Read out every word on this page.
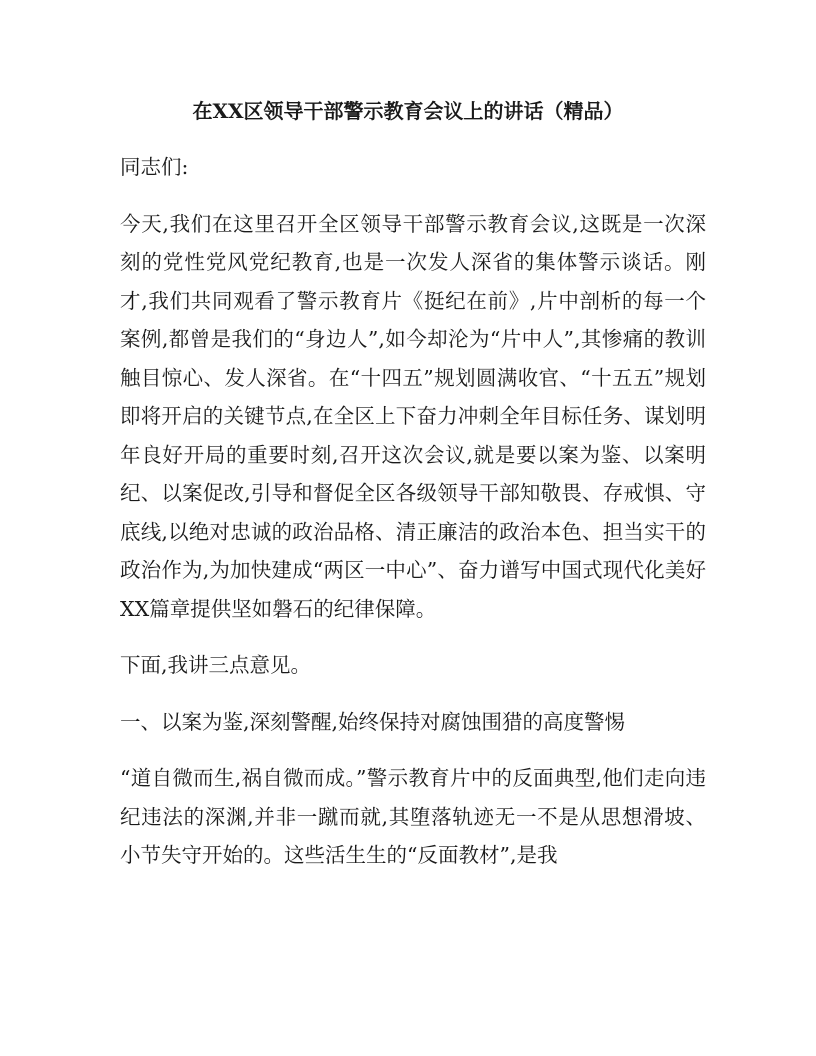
在XX区领导干部警示教育会议上的讲话（精品）

同志们:

今天,我们在这里召开全区领导干部警示教育会议,这既是一次深刻的党性党风党纪教育,也是一次发人深省的集体警示谈话。刚才,我们共同观看了警示教育片《挺纪在前》,片中剖析的每一个案例,都曾是我们的“身边人”,如今却沦为“片中人”,其惨痛的教训触目惊心、发人深省。在“十四五”规划圆满收官、“十五五”规划即将开启的关键节点,在全区上下奋力冲刺全年目标任务、谋划明年良好开局的重要时刻,召开这次会议,就是要以案为鉴、以案明纪、以案促改,引导和督促全区各级领导干部知敬畏、存戒惧、守底线,以绝对忠诚的政治品格、清正廉洁的政治本色、担当实干的政治作为,为加快建成“两区一中心”、奋力谱写中国式现代化美好XX篇章提供坚如磐石的纪律保障。

下面,我讲三点意见。

一、以案为鉴,深刻警醒,始终保持对腐蚀围猎的高度警惕

“道自微而生,祸自微而成。”警示教育片中的反面典型,他们走向违纪违法的深渊,并非一蹴而就,其堕落轨迹无一不是从思想滑坡、小节失守开始的。这些活生生的“反面教材”,是我
